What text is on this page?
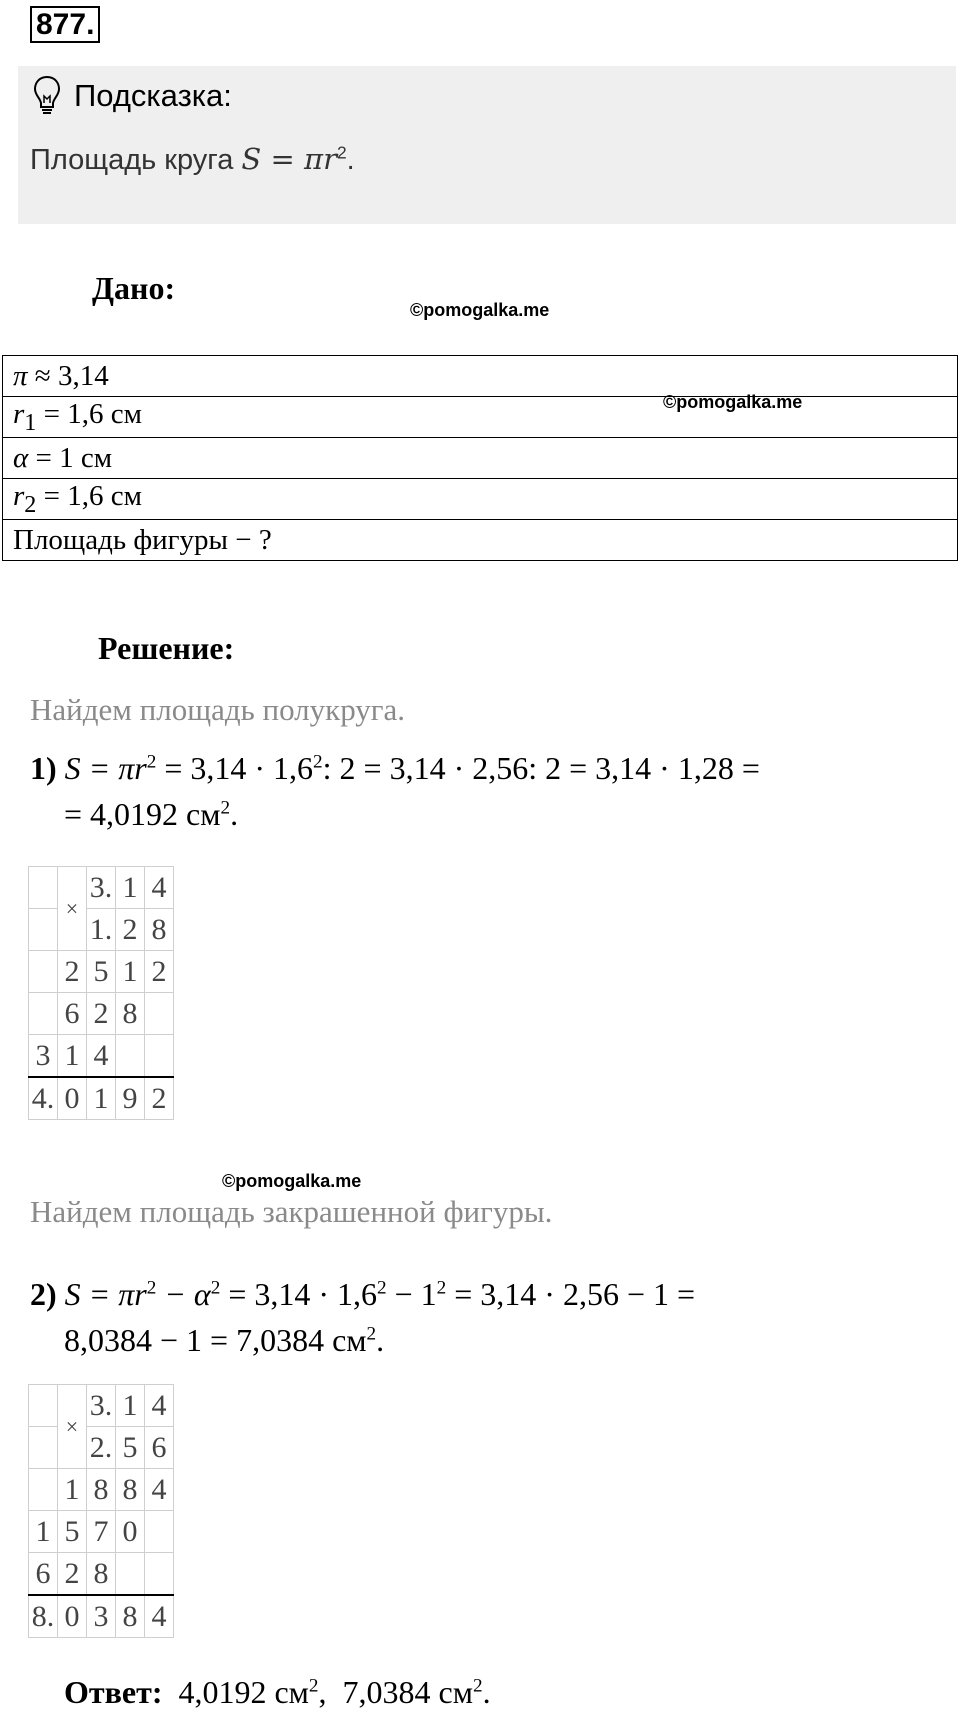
877.
Подсказка:
Площадь круга $S = \pi r^2$.
Дано:
©pomogalka.me
π ≈ 3,14
$r_1 = 1,6$ см	©pomogalka.me

α = 1 см
$r_2 = 1,6$ см
Площадь фигуры − ?
Решение:
Найдем площадь полукруга.
1) $S = \pi r^2 = 3,14 \cdot 1,6^2$: 2 = 3,14 · 2,56: 2 = 3,14 · 1,28 =
= 4,0192 $см^2$.
	×	3.	1	4
		1.	2	8
	2	5	1	2
	6	2	8	
3	1	4		
4.	0	1	9	2
©pomogalka.me
Найдем площадь закрашенной фигуры.
2) $S = \pi r^2 - \alpha^2 = 3,14 \cdot 1,6^2 - 1^2 = 3,14 \cdot 2,56 - 1$ =
8,0384 − 1 = 7,0384 $см^2$.
	×	3.	1	4
		2.	5	6
	1	8	8	4
1	5	7	0	
6	2	8		
8.	0	3	8	4
Ответ: 4,0192 $см^2$, 7,0384 $см^2$.
